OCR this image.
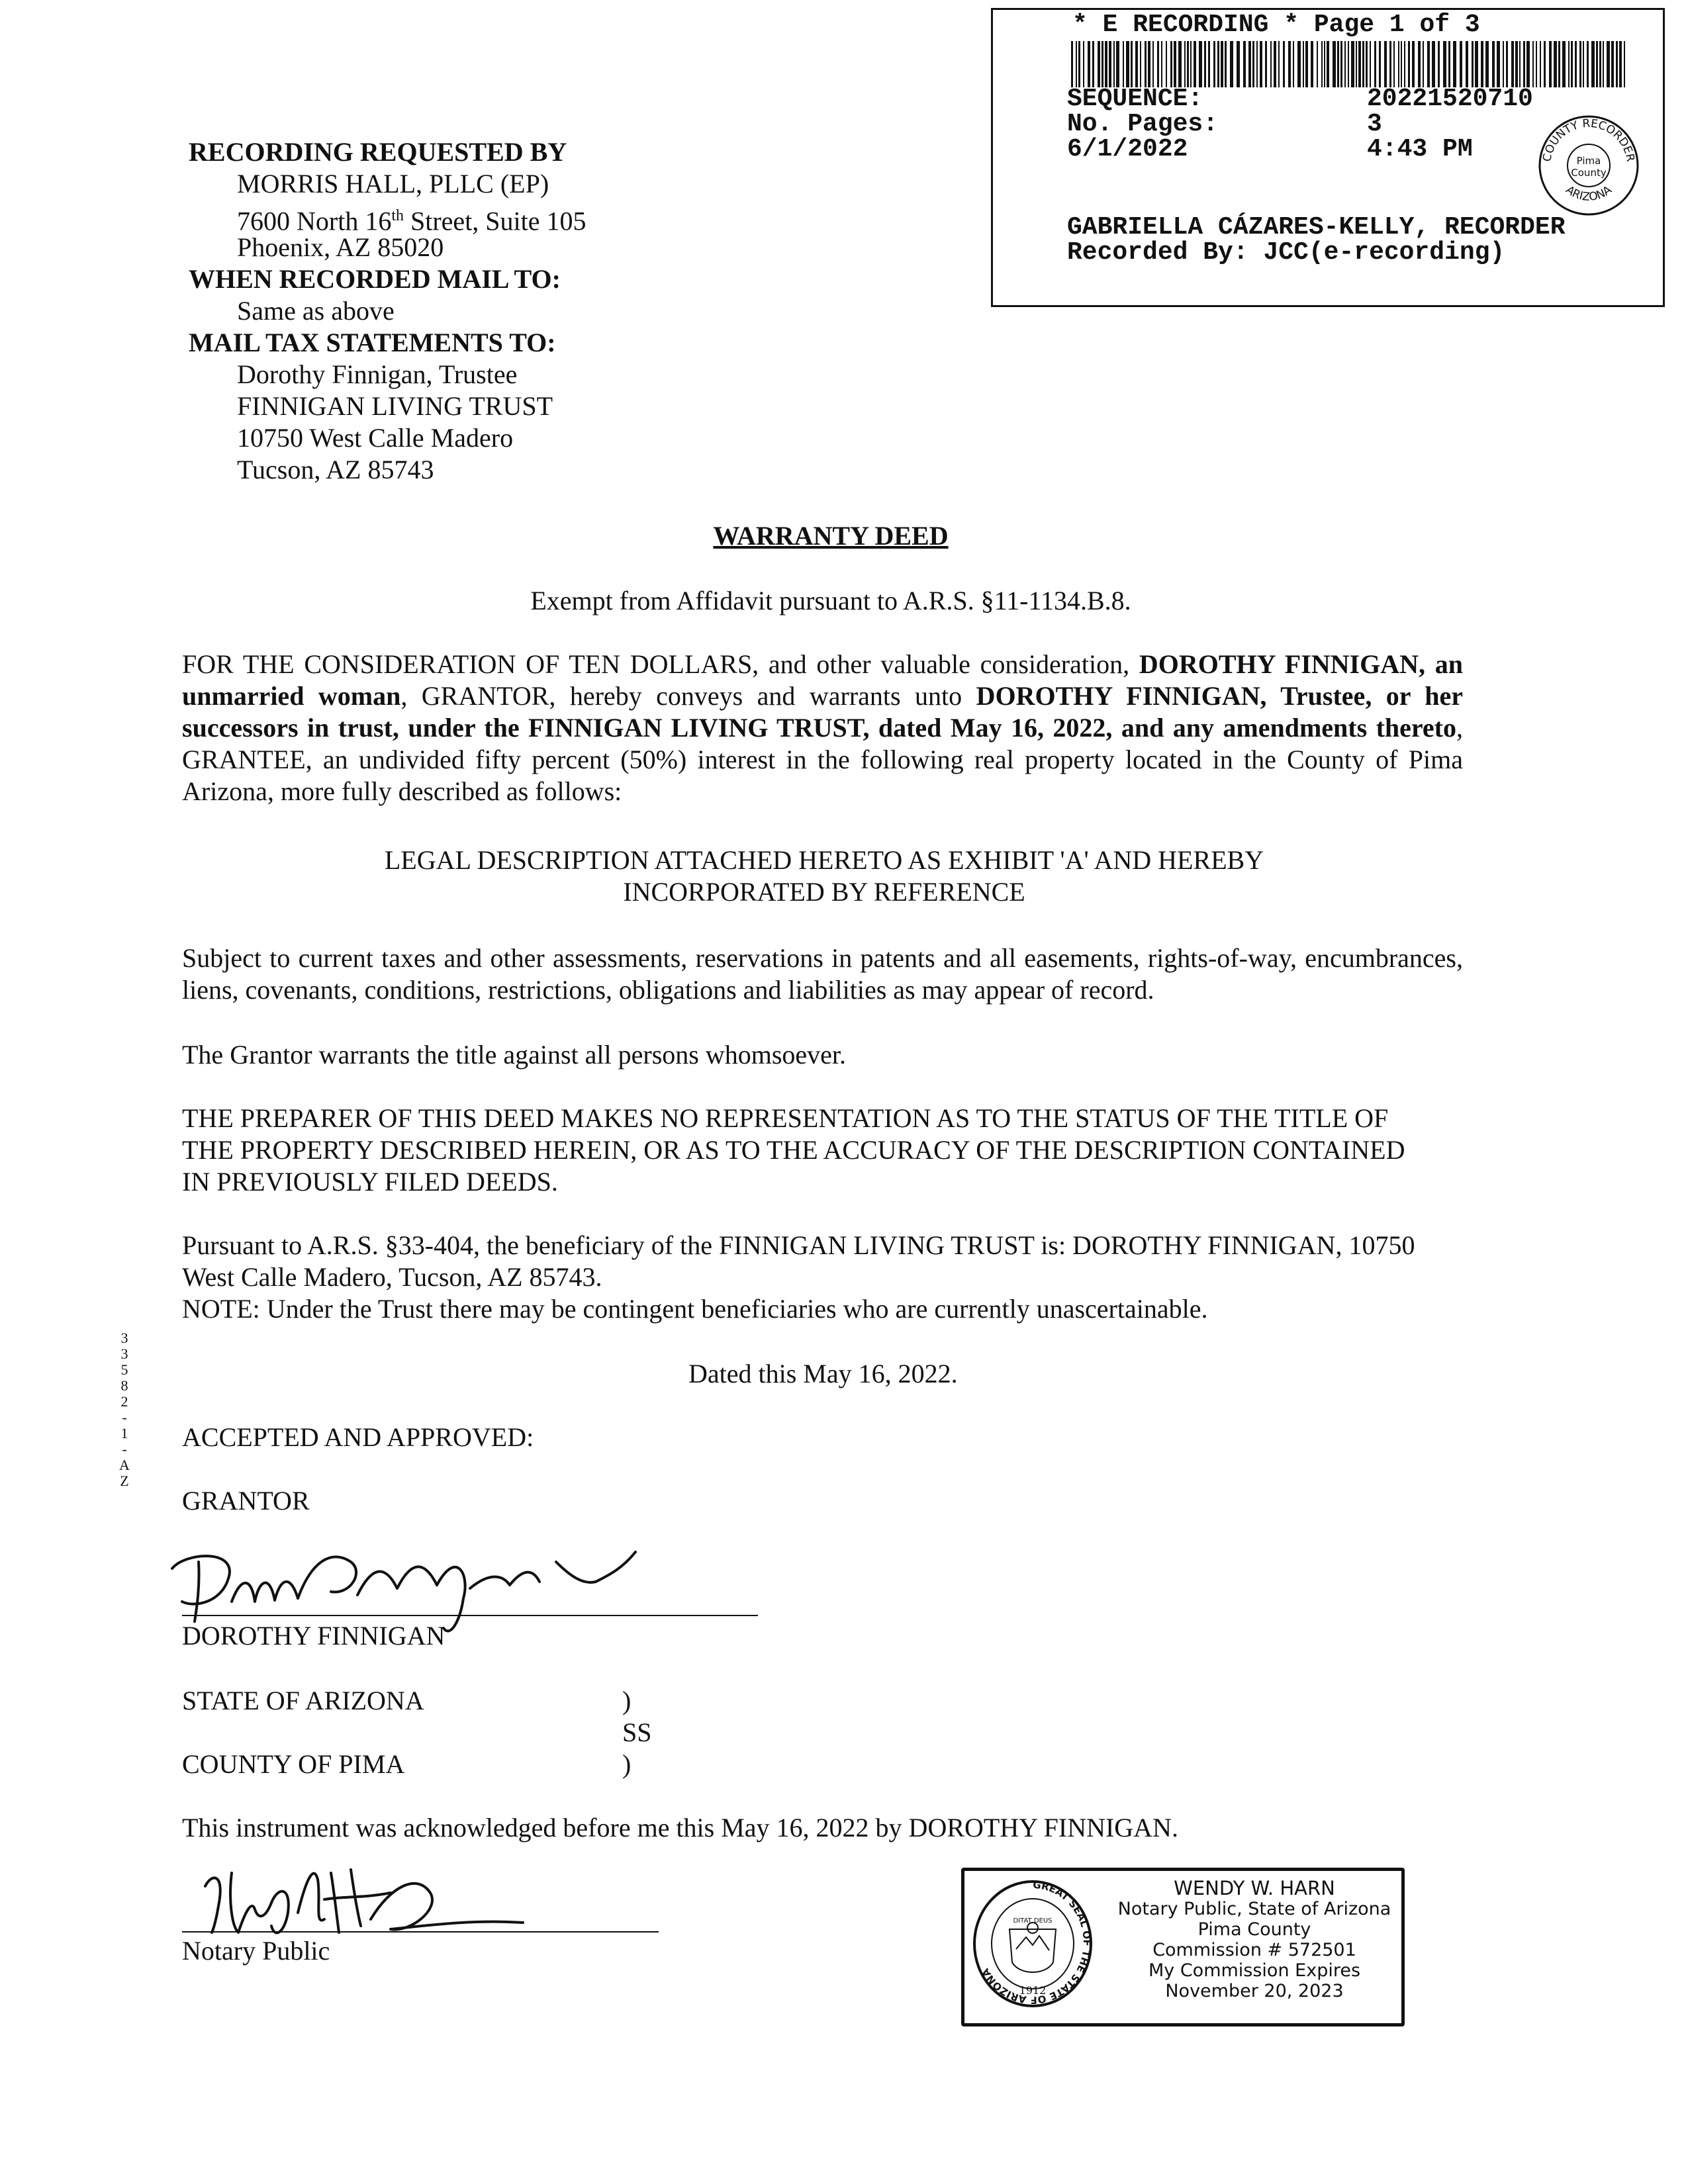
* E RECORDING * Page 1 of 3
SEQUENCE:	20221520710
No. Pages:	3
6/1/2022	4:43 PM	COUNTY RECORDER
ARIZONA
Pima
County
GABRIELLA CÁZARES-KELLY, RECORDER
Recorded By: JCC(e-recording)
RECORDING REQUESTED BY
MORRIS HALL, PLLC (EP)
7600 North 16th Street, Suite 105
Phoenix, AZ 85020
WHEN RECORDED MAIL TO:
Same as above
MAIL TAX STATEMENTS TO:
Dorothy Finnigan, Trustee
FINNIGAN LIVING TRUST
10750 West Calle Madero
Tucson, AZ 85743
WARRANTY DEED
Exempt from Affidavit pursuant to A.R.S. §11-1134.B.8.
FOR THE CONSIDERATION OF TEN DOLLARS, and other valuable consideration, DOROTHY FINNIGAN, an unmarried woman, GRANTOR, hereby conveys and warrants unto DOROTHY FINNIGAN, Trustee, or her successors in trust, under the FINNIGAN LIVING TRUST, dated May 16, 2022, and any amendments thereto, GRANTEE, an undivided fifty percent (50%) interest in the following real property located in the County of Pima Arizona, more fully described as follows:
LEGAL DESCRIPTION ATTACHED HERETO AS EXHIBIT 'A' AND HEREBY
INCORPORATED BY REFERENCE
Subject to current taxes and other assessments, reservations in patents and all easements, rights-of-way, encumbrances, liens, covenants, conditions, restrictions, obligations and liabilities as may appear of record.
The Grantor warrants the title against all persons whomsoever.
THE PREPARER OF THIS DEED MAKES NO REPRESENTATION AS TO THE STATUS OF THE TITLE OF
THE PROPERTY DESCRIBED HEREIN, OR AS TO THE ACCURACY OF THE DESCRIPTION CONTAINED
IN PREVIOUSLY FILED DEEDS.
Pursuant to A.R.S. §33-404, the beneficiary of the FINNIGAN LIVING TRUST is: DOROTHY FINNIGAN, 10750
West Calle Madero, Tucson, AZ 85743.
NOTE: Under the Trust there may be contingent beneficiaries who are currently unascertainable.
3
3
5
8
2
-
1
-
A
Z
Dated this May 16, 2022.
ACCEPTED AND APPROVED:
GRANTOR
DOROTHY FINNIGAN
STATE OF ARIZONA	)
SS
COUNTY OF PIMA	)
This instrument was acknowledged before me this May 16, 2022 by DOROTHY FINNIGAN.
Notary Public
GREAT SEAL OF THE STATE OF ARIZONA
DITAT DEUS
1912
WENDY W. HARN
Notary Public, State of Arizona
Pima County
Commission # 572501
My Commission Expires
November 20, 2023
